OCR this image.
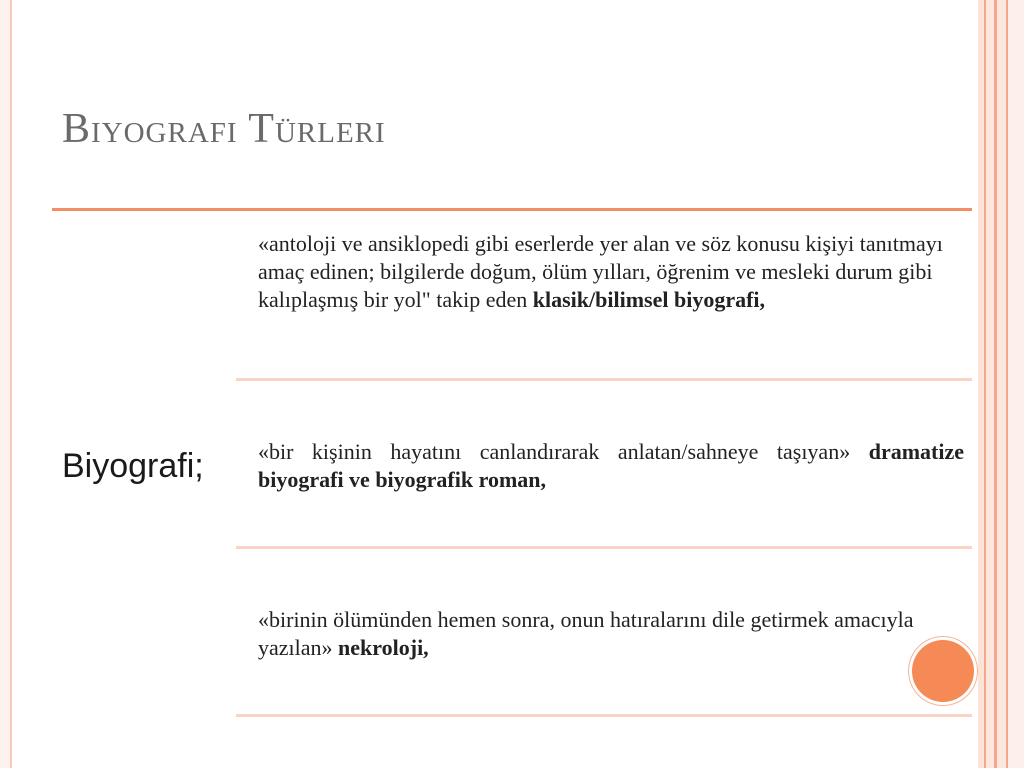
Biyografi Türleri
Biyografi;
«antoloji ve ansiklopedi gibi eserlerde yer alan ve söz konusu kişiyi tanıtmayı amaç edinen; bilgilerde doğum, ölüm yılları, öğrenim ve mesleki durum gibi kalıplaşmış bir yol" takip eden klasik/bilimsel biyografi,
«bir kişinin hayatını canlandırarak anlatan/sahneye taşıyan» dramatize biyografi ve biyografik roman,
«birinin ölümünden hemen sonra, onun hatıralarını dile getirmek amacıyla yazılan» nekroloji,
